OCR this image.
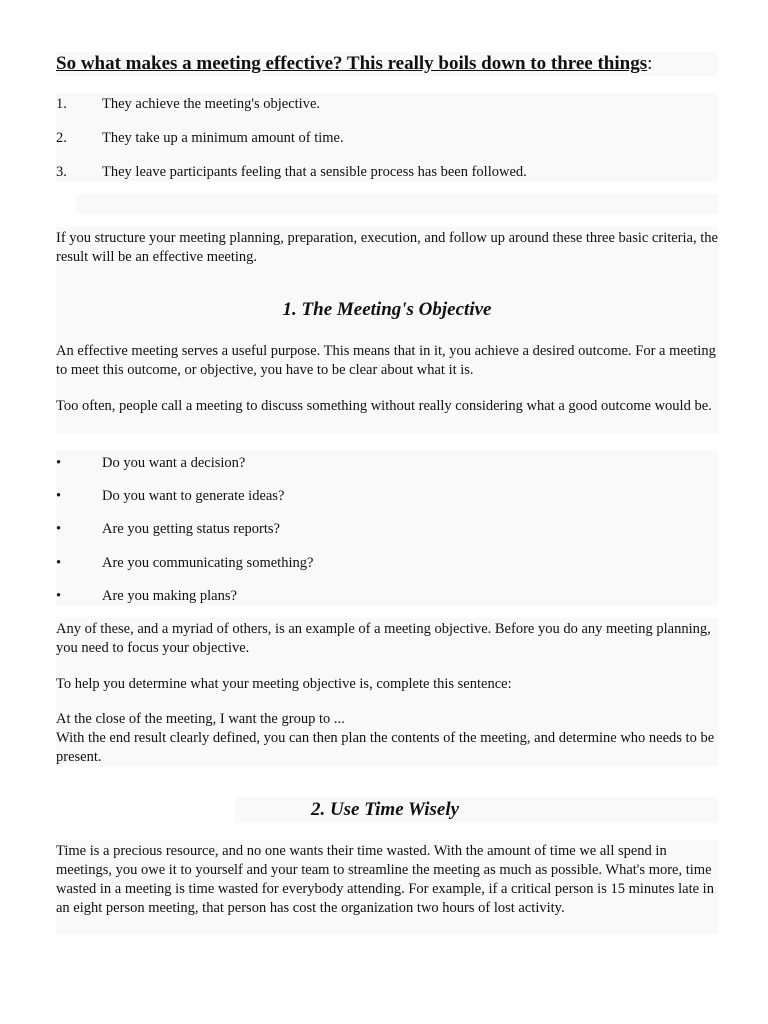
So what makes a meeting effective? This really boils down to three things:
1.	They achieve the meeting's objective.
2.	They take up a minimum amount of time.
3.	They leave participants feeling that a sensible process has been followed.

If you structure your meeting planning, preparation, execution, and follow up around these three basic criteria, the result will be an effective meeting.

1. The Meeting's Objective

An effective meeting serves a useful purpose. This means that in it, you achieve a desired outcome. For a meeting to meet this outcome, or objective, you have to be clear about what it is.

Too often, people call a meeting to discuss something without really considering what a good outcome would be.

•	Do you want a decision?
•	Do you want to generate ideas?
•	Are you getting status reports?
•	Are you communicating something?
•	Are you making plans?

Any of these, and a myriad of others, is an example of a meeting objective. Before you do any meeting planning, you need to focus your objective.

To help you determine what your meeting objective is, complete this sentence:

At the close of the meeting, I want the group to ...

With the end result clearly defined, you can then plan the contents of the meeting, and determine who needs to be present.

2. Use Time Wisely

Time is a precious resource, and no one wants their time wasted. With the amount of time we all spend in meetings, you owe it to yourself and your team to streamline the meeting as much as possible. What's more, time wasted in a meeting is time wasted for everybody attending. For example, if a critical person is 15 minutes late in an eight person meeting, that person has cost the organization two hours of lost activity.
